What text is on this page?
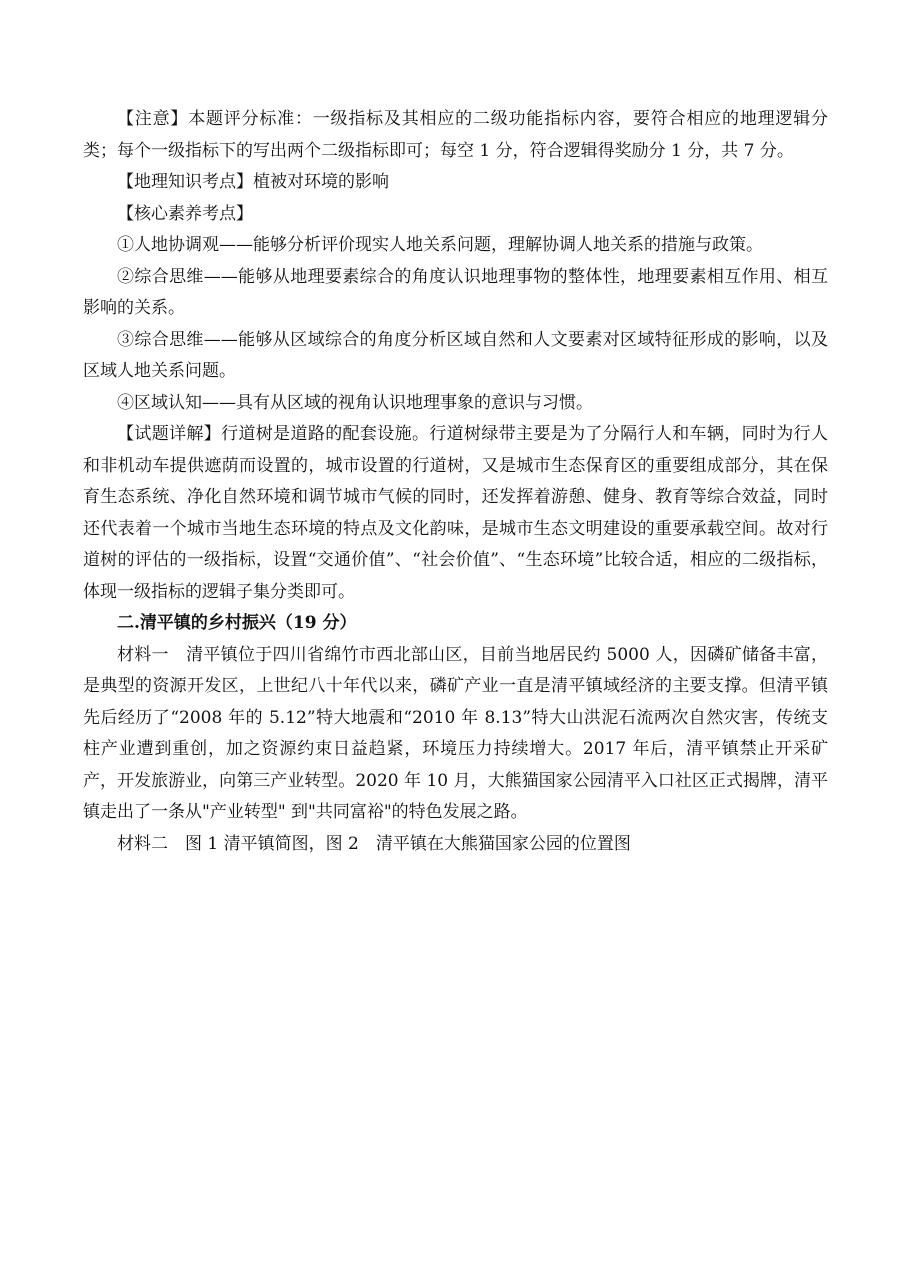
【注意】本题评分标准：一级指标及其相应的二级功能指标内容，要符合相应的地理逻辑分类；每个一级指标下的写出两个二级指标即可；每空 1 分，符合逻辑得奖励分 1 分，共 7 分。

【地理知识考点】植被对环境的影响

【核心素养考点】

①人地协调观——能够分析评价现实人地关系问题，理解协调人地关系的措施与政策。

②综合思维——能够从地理要素综合的角度认识地理事物的整体性，地理要素相互作用、相互影响的关系。

③综合思维——能够从区域综合的角度分析区域自然和人文要素对区域特征形成的影响，以及区域人地关系问题。

④区域认知——具有从区域的视角认识地理事象的意识与习惯。

【试题详解】行道树是道路的配套设施。行道树绿带主要是为了分隔行人和车辆，同时为行人和非机动车提供遮荫而设置的，城市设置的行道树，又是城市生态保育区的重要组成部分，其在保育生态系统、净化自然环境和调节城市气候的同时，还发挥着游憩、健身、教育等综合效益，同时还代表着一个城市当地生态环境的特点及文化韵味，是城市生态文明建设的重要承载空间。故对行道树的评估的一级指标，设置“交通价值”、“社会价值”、“生态环境”比较合适，相应的二级指标，体现一级指标的逻辑子集分类即可。

二.清平镇的乡村振兴（19 分）

材料一　清平镇位于四川省绵竹市西北部山区，目前当地居民约 5000 人，因磷矿储备丰富，是典型的资源开发区，上世纪八十年代以来，磷矿产业一直是清平镇域经济的主要支撑。但清平镇先后经历了“2008 年的 5.12”特大地震和“2010 年 8.13”特大山洪泥石流两次自然灾害，传统支柱产业遭到重创，加之资源约束日益趋紧，环境压力持续增大。2017 年后，清平镇禁止开采矿产，开发旅游业，向第三产业转型。2020 年 10 月，大熊猫国家公园清平入口社区正式揭牌，清平镇走出了一条从"产业转型" 到"共同富裕"的特色发展之路。

材料二　图 1 清平镇简图，图 2　清平镇在大熊猫国家公园的位置图
